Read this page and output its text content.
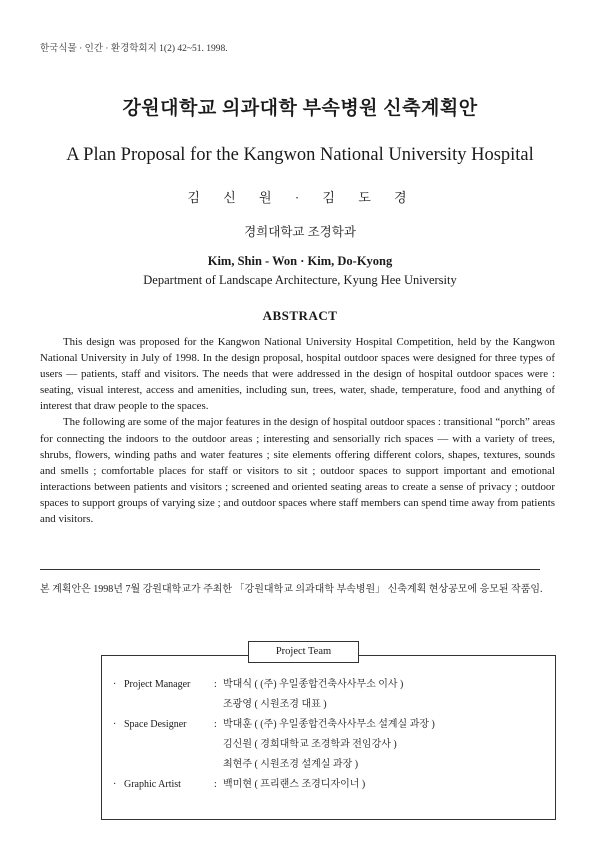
한국식물 · 인간 · 환경학회지 1(2) 42~51. 1998.
강원대학교 의과대학 부속병원 신축계획안
A Plan Proposal for the Kangwon National University Hospital
김 신 원 · 김 도 경
경희대학교 조경학과
Kim, Shin - Won · Kim, Do-Kyong
Department of Landscape Architecture, Kyung Hee University
ABSTRACT

This design was proposed for the Kangwon National University Hospital Competition, held by the Kangwon National University in July of 1998. In the design proposal, hospital outdoor spaces were designed for three types of users — patients, staff and visitors. The needs that were addressed in the design of hospital outdoor spaces were : seating, visual interest, access and amenities, including sun, trees, water, shade, temperature, food and anything of interest that draw people to the spaces.

The following are some of the major features in the design of hospital outdoor spaces : transitional “porch” areas for connecting the indoors to the outdoor areas ; interesting and sensorially rich spaces — with a variety of trees, shrubs, flowers, winding paths and water features ; site elements offering different colors, shapes, textures, sounds and smells ; comfortable places for staff or visitors to sit ; outdoor spaces to support important and emotional interactions between patients and visitors ; screened and oriented seating areas to create a sense of privacy ; outdoor spaces to support groups of varying size ; and outdoor spaces where staff members can spend time away from patients and visitors.

본 계획안은 1998년 7월 강원대학교가 주최한 「강원대학교 의과대학 부속병원」 신축계획 현상공모에 응모된 작품임.
Project Team
· Project Manager	: 박대식 ( (주) 우일종합건축사사무소 이사 )
조광영 ( 시원조경 대표 )
· Space Designer	: 박대훈 ( (주) 우일종합건축사사무소 설계실 과장 )
김신원 ( 경희대학교 조경학과 전임강사 )
최현주 ( 시원조경 설계실 과장 )
· Graphic Artist	: 백미현 ( 프리랜스 조경디자이너 )
